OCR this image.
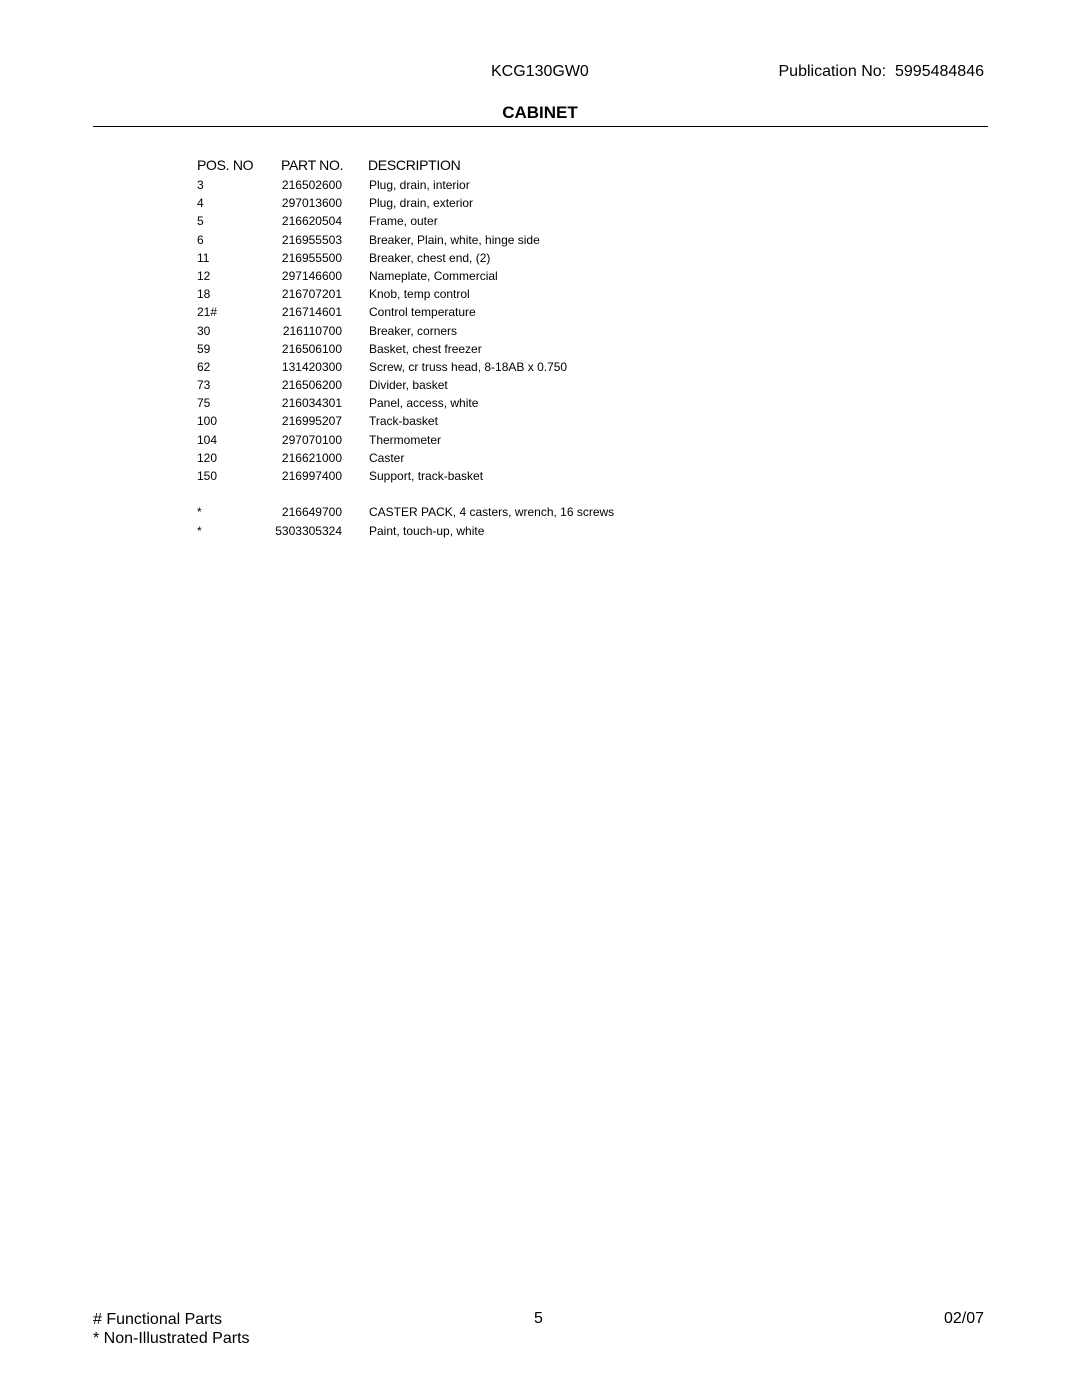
KCG130GW0	Publication No:  5995484846
CABINET
POS. NO PART NO. DESCRIPTION
3	216502600 Plug, drain, interior
4	297013600 Plug, drain, exterior
5	216620504 Frame, outer
6	216955503 Breaker, Plain, white, hinge side
11	216955500 Breaker, chest end, (2)
12	297146600 Nameplate, Commercial
18	216707201 Knob, temp control
21#	216714601 Control temperature
30	216110700 Breaker, corners
59	216506100 Basket, chest freezer
62	131420300 Screw, cr truss head, 8-18AB x 0.750
73	216506200 Divider, basket
75	216034301 Panel, access, white
100	216995207 Track-basket
104	297070100 Thermometer
120	216621000 Caster
150	216997400 Support, track-basket
*	216649700 CASTER PACK, 4 casters, wrench, 16 screws
*	5303305324 Paint, touch-up, white
# Functional Parts
* Non-Illustrated Parts
5	02/07
